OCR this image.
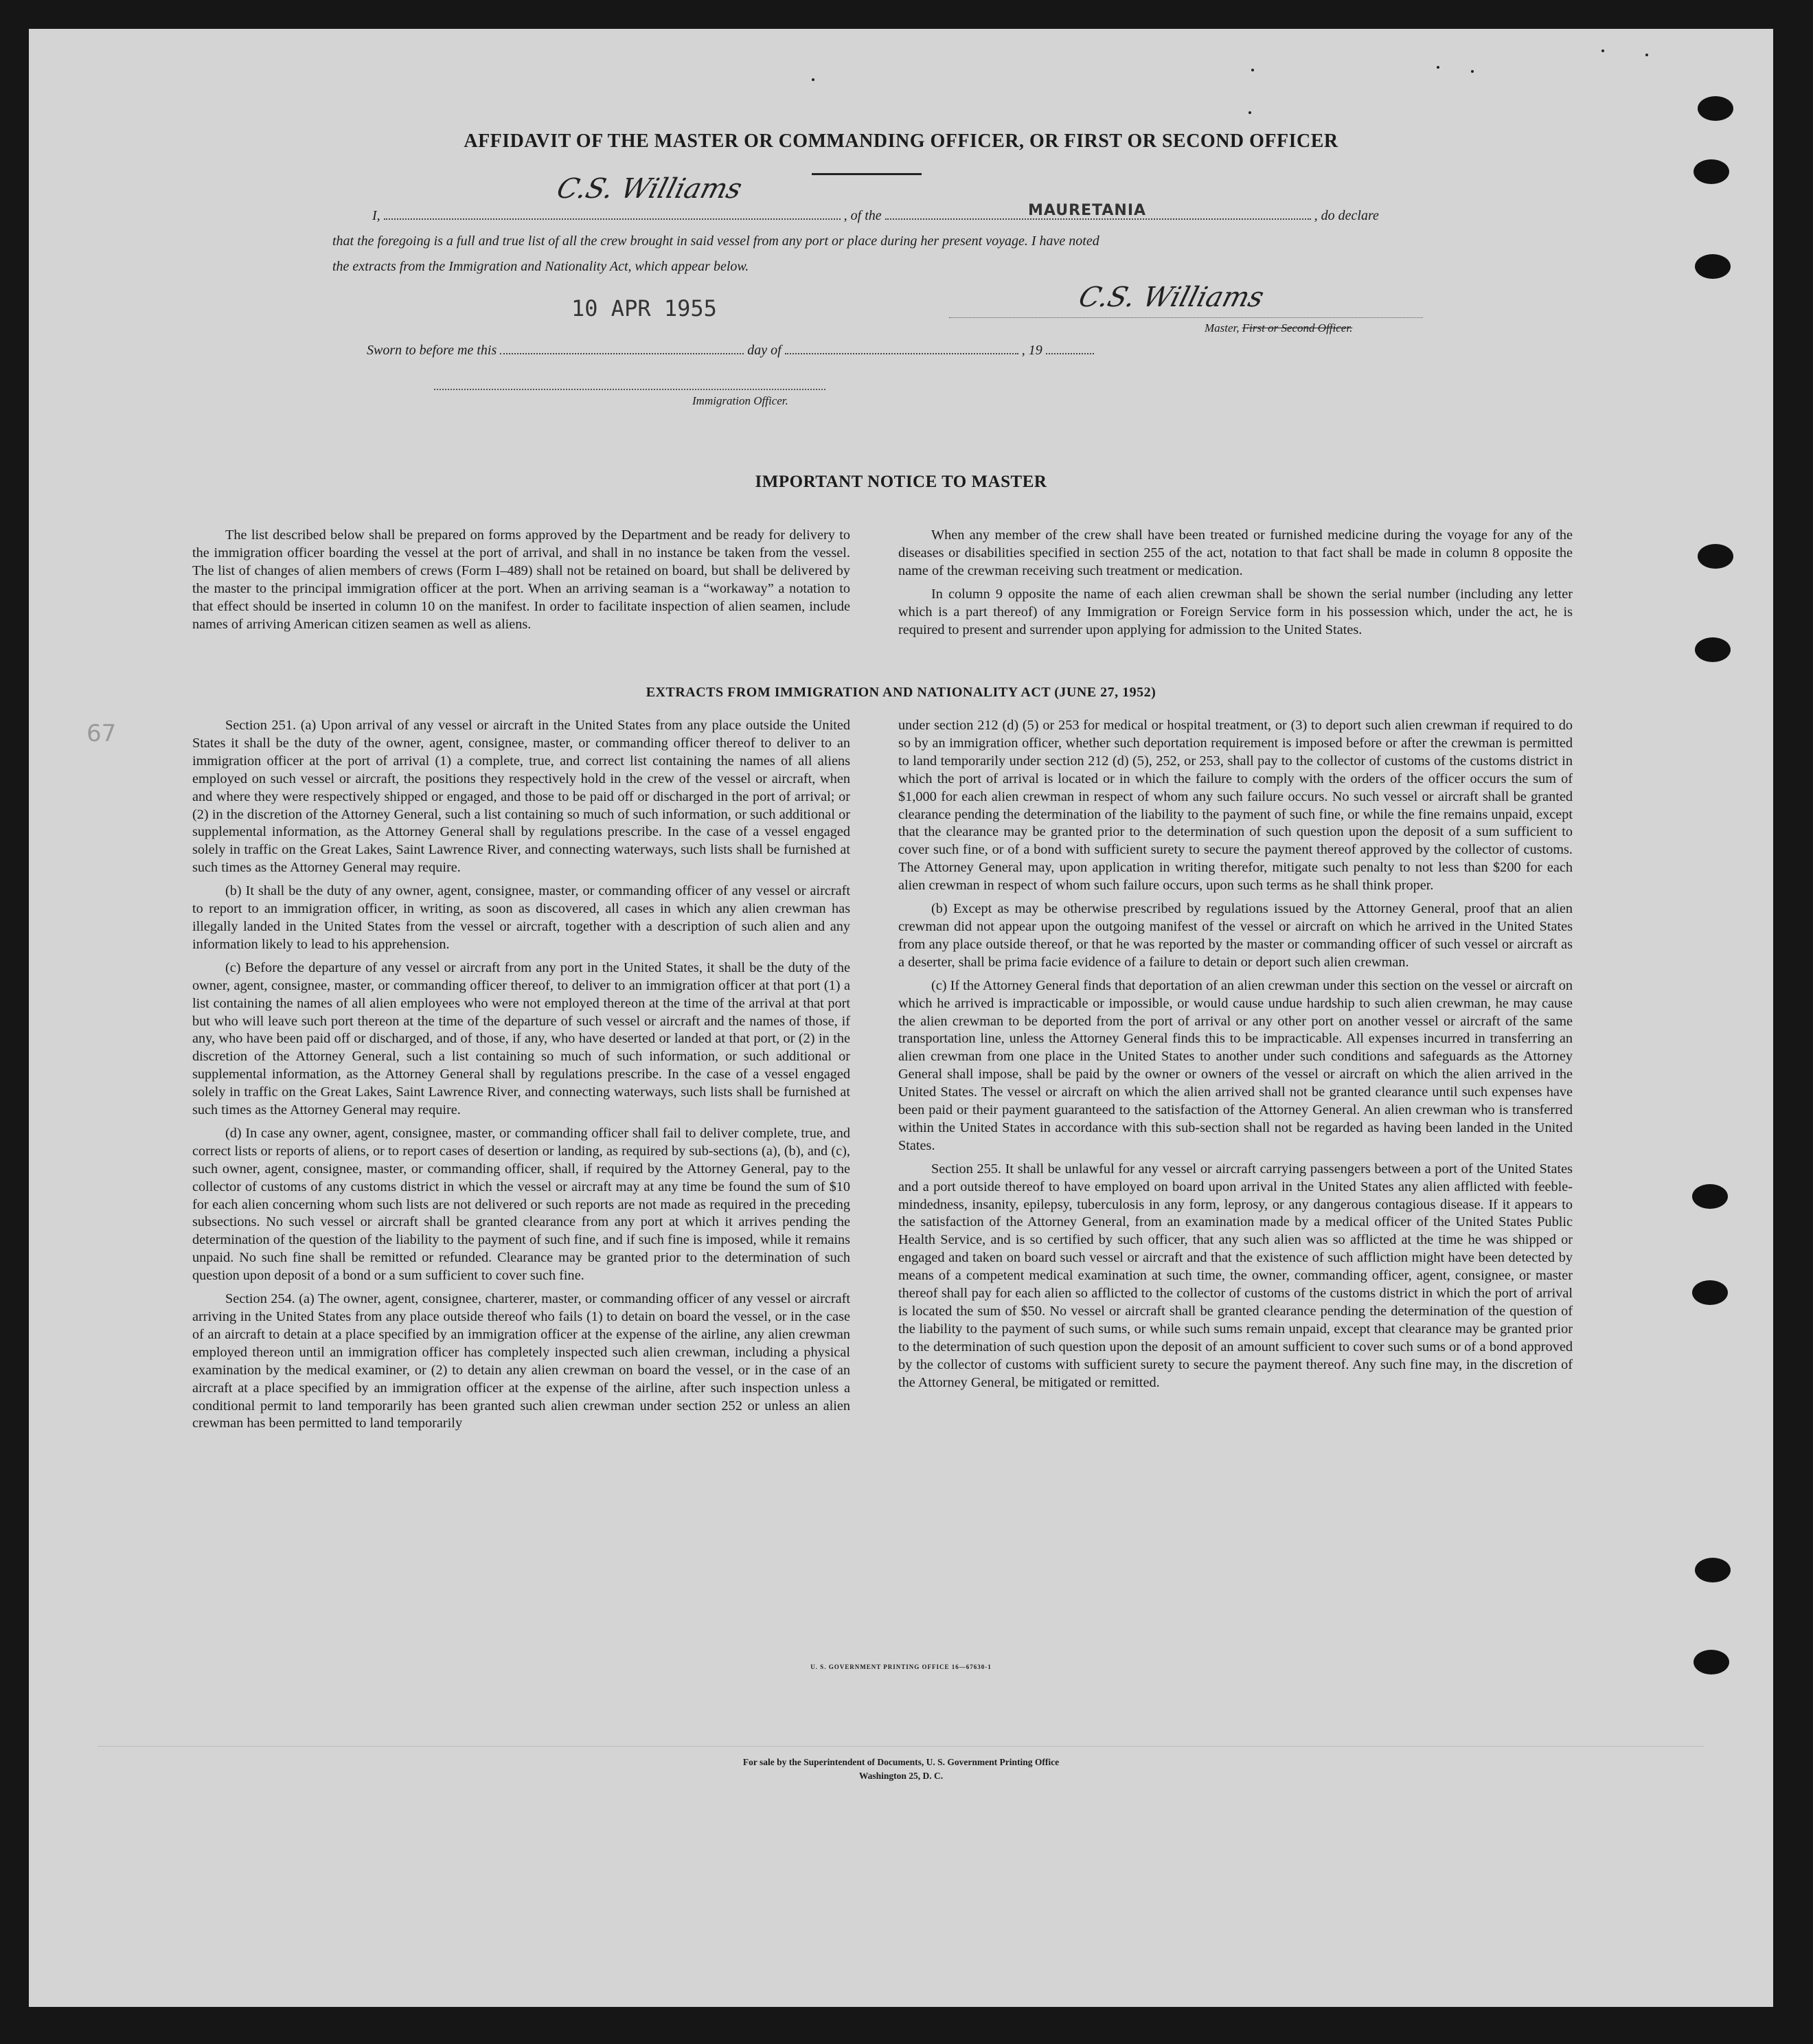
AFFIDAVIT OF THE MASTER OR COMMANDING OFFICER, OR FIRST OR SECOND OFFICER
I,	, of the	, do declare
C.S. Williams
MAURETANIA
that the foregoing is a full and true list of all the crew brought in said vessel from any port or place during her present voyage. I have noted
the extracts from the Immigration and Nationality Act, which appear below.
10 APR 1955	C.S. Williams
Master, First or Second Officer.
Sworn to before me this	day of	, 19
Immigration Officer.
IMPORTANT NOTICE TO MASTER

The list described below shall be prepared on forms approved by the Department and be ready for delivery to the immigration officer boarding the vessel at the port of arrival, and shall in no instance be taken from the vessel. The list of changes of alien members of crews (Form I–489) shall not be retained on board, but shall be delivered by the master to the principal immigration officer at the port. When an arriving seaman is a “workaway” a notation to that effect should be inserted in column 10 on the manifest. In order to facilitate inspection of alien seamen, include names of arriving American citizen seamen as well as aliens.

When any member of the crew shall have been treated or furnished medicine during the voyage for any of the diseases or disabilities specified in section 255 of the act, notation to that fact shall be made in column 8 opposite the name of the crewman receiving such treatment or medication.

In column 9 opposite the name of each alien crewman shall be shown the serial number (including any letter which is a part thereof) of any Immigration or Foreign Service form in his possession which, under the act, he is required to present and surrender upon applying for admission to the United States.

EXTRACTS FROM IMMIGRATION AND NATIONALITY ACT (JUNE 27, 1952)

Section 251. (a) Upon arrival of any vessel or aircraft in the United States from any place outside the United States it shall be the duty of the owner, agent, consignee, master, or commanding officer thereof to deliver to an immigration officer at the port of arrival (1) a complete, true, and correct list containing the names of all aliens employed on such vessel or aircraft, the positions they respectively hold in the crew of the vessel or aircraft, when and where they were respectively shipped or engaged, and those to be paid off or discharged in the port of arrival; or (2) in the discretion of the Attorney General, such a list containing so much of such information, or such additional or supplemental information, as the Attorney General shall by regulations prescribe. In the case of a vessel engaged solely in traffic on the Great Lakes, Saint Lawrence River, and connecting waterways, such lists shall be furnished at such times as the Attorney General may require.

(b) It shall be the duty of any owner, agent, consignee, master, or commanding officer of any vessel or aircraft to report to an immigration officer, in writing, as soon as discovered, all cases in which any alien crewman has illegally landed in the United States from the vessel or aircraft, together with a description of such alien and any information likely to lead to his apprehension.

(c) Before the departure of any vessel or aircraft from any port in the United States, it shall be the duty of the owner, agent, consignee, master, or commanding officer thereof, to deliver to an immigration officer at that port (1) a list containing the names of all alien employees who were not employed thereon at the time of the arrival at that port but who will leave such port thereon at the time of the departure of such vessel or aircraft and the names of those, if any, who have been paid off or discharged, and of those, if any, who have deserted or landed at that port, or (2) in the discretion of the Attorney General, such a list containing so much of such information, or such additional or supplemental information, as the Attorney General shall by regulations prescribe. In the case of a vessel engaged solely in traffic on the Great Lakes, Saint Lawrence River, and connecting waterways, such lists shall be furnished at such times as the Attorney General may require.

(d) In case any owner, agent, consignee, master, or commanding officer shall fail to deliver complete, true, and correct lists or reports of aliens, or to report cases of desertion or landing, as required by sub-sections (a), (b), and (c), such owner, agent, consignee, master, or commanding officer, shall, if required by the Attorney General, pay to the collector of customs of any customs district in which the vessel or aircraft may at any time be found the sum of $10 for each alien concerning whom such lists are not delivered or such reports are not made as required in the preceding subsections. No such vessel or aircraft shall be granted clearance from any port at which it arrives pending the determination of the question of the liability to the payment of such fine, and if such fine is imposed, while it remains unpaid. No such fine shall be remitted or refunded. Clearance may be granted prior to the determination of such question upon deposit of a bond or a sum sufficient to cover such fine.

Section 254. (a) The owner, agent, consignee, charterer, master, or commanding officer of any vessel or aircraft arriving in the United States from any place outside thereof who fails (1) to detain on board the vessel, or in the case of an aircraft to detain at a place specified by an immigration officer at the expense of the airline, any alien crewman employed thereon until an immigration officer has completely inspected such alien crewman, including a physical examination by the medical examiner, or (2) to detain any alien crewman on board the vessel, or in the case of an aircraft at a place specified by an immigration officer at the expense of the airline, after such inspection unless a conditional permit to land temporarily has been granted such alien crewman under section 252 or unless an alien crewman has been permitted to land temporarily

under section 212 (d) (5) or 253 for medical or hospital treatment, or (3) to deport such alien crewman if required to do so by an immigration officer, whether such deportation requirement is imposed before or after the crewman is permitted to land temporarily under section 212 (d) (5), 252, or 253, shall pay to the collector of customs of the customs district in which the port of arrival is located or in which the failure to comply with the orders of the officer occurs the sum of $1,000 for each alien crewman in respect of whom any such failure occurs. No such vessel or aircraft shall be granted clearance pending the determination of the liability to the payment of such fine, or while the fine remains unpaid, except that the clearance may be granted prior to the determination of such question upon the deposit of a sum sufficient to cover such fine, or of a bond with sufficient surety to secure the payment thereof approved by the collector of customs. The Attorney General may, upon application in writing therefor, mitigate such penalty to not less than $200 for each alien crewman in respect of whom such failure occurs, upon such terms as he shall think proper.

(b) Except as may be otherwise prescribed by regulations issued by the Attorney General, proof that an alien crewman did not appear upon the outgoing manifest of the vessel or aircraft on which he arrived in the United States from any place outside thereof, or that he was reported by the master or commanding officer of such vessel or aircraft as a deserter, shall be prima facie evidence of a failure to detain or deport such alien crewman.

(c) If the Attorney General finds that deportation of an alien crewman under this section on the vessel or aircraft on which he arrived is impracticable or impossible, or would cause undue hardship to such alien crewman, he may cause the alien crewman to be deported from the port of arrival or any other port on another vessel or aircraft of the same transportation line, unless the Attorney General finds this to be impracticable. All expenses incurred in transferring an alien crewman from one place in the United States to another under such conditions and safeguards as the Attorney General shall impose, shall be paid by the owner or owners of the vessel or aircraft on which the alien arrived in the United States. The vessel or aircraft on which the alien arrived shall not be granted clearance until such expenses have been paid or their payment guaranteed to the satisfaction of the Attorney General. An alien crewman who is transferred within the United States in accordance with this sub-section shall not be regarded as having been landed in the United States.

Section 255. It shall be unlawful for any vessel or aircraft carrying passengers between a port of the United States and a port outside thereof to have employed on board upon arrival in the United States any alien afflicted with feeble-mindedness, insanity, epilepsy, tuberculosis in any form, leprosy, or any dangerous contagious disease. If it appears to the satisfaction of the Attorney General, from an examination made by a medical officer of the United States Public Health Service, and is so certified by such officer, that any such alien was so afflicted at the time he was shipped or engaged and taken on board such vessel or aircraft and that the existence of such affliction might have been detected by means of a competent medical examination at such time, the owner, commanding officer, agent, consignee, or master thereof shall pay for each alien so afflicted to the collector of customs of the customs district in which the port of arrival is located the sum of $50. No vessel or aircraft shall be granted clearance pending the determination of the question of the liability to the payment of such sums, or while such sums remain unpaid, except that clearance may be granted prior to the determination of such question upon the deposit of an amount sufficient to cover such sums or of a bond approved by the collector of customs with sufficient surety to secure the payment thereof. Any such fine may, in the discretion of the Attorney General, be mitigated or remitted.

U. S. GOVERNMENT PRINTING OFFICE 16—67630-1
For sale by the Superintendent of Documents, U. S. Government Printing Office
Washington 25, D. C.
67
